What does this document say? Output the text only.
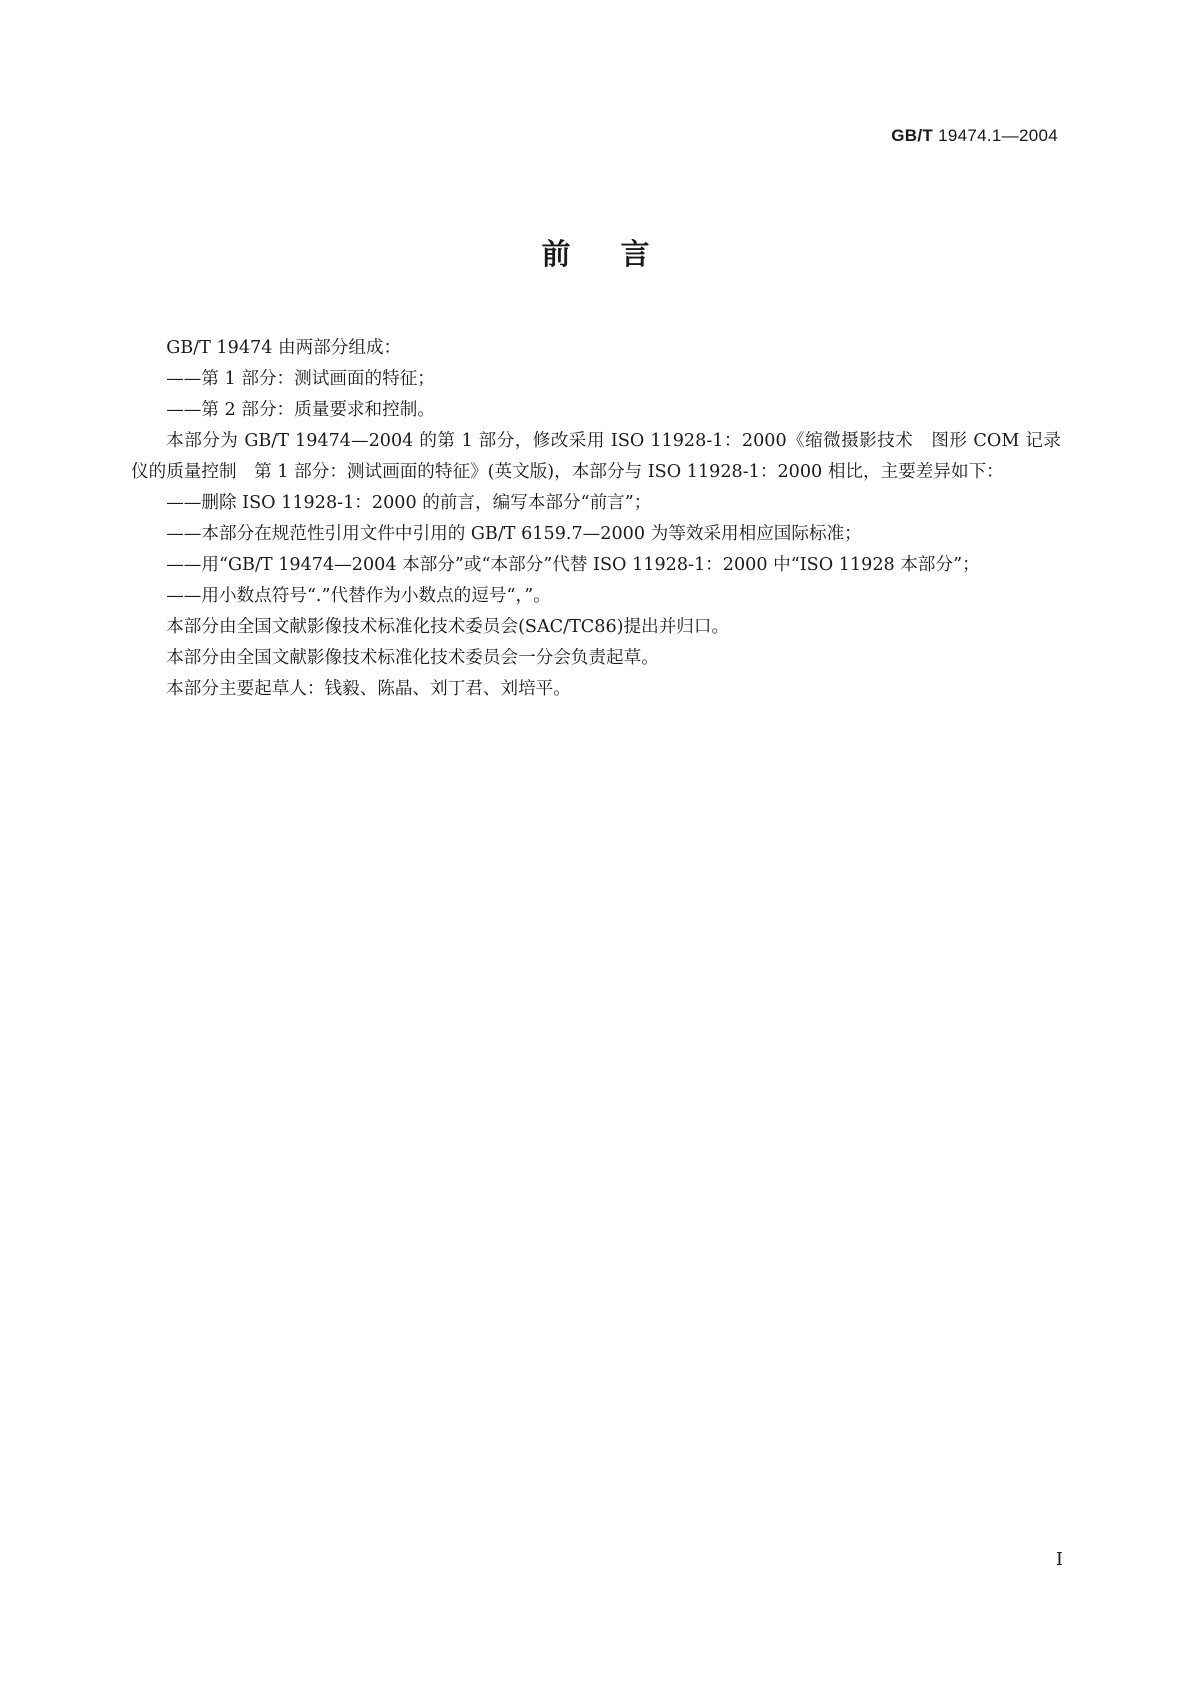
GB/T 19474.1—2004
前言

GB/T 19474 由两部分组成：

——第 1 部分：测试画面的特征；

——第 2 部分：质量要求和控制。

本部分为 GB/T 19474—2004 的第 1 部分，修改采用 ISO 11928-1：2000《缩微摄影技术　图形 COM 记录仪的质量控制　第 1 部分：测试画面的特征》(英文版)，本部分与 ISO 11928-1：2000 相比，主要差异如下：

——删除 ISO 11928-1：2000 的前言，编写本部分“前言”；

——本部分在规范性引用文件中引用的 GB/T 6159.7—2000 为等效采用相应国际标准；

——用“GB/T 19474—2004 本部分”或“本部分”代替 ISO 11928-1：2000 中“ISO 11928 本部分”；

——用小数点符号“.”代替作为小数点的逗号“，”。

本部分由全国文献影像技术标准化技术委员会(SAC/TC86)提出并归口。

本部分由全国文献影像技术标准化技术委员会一分会负责起草。

本部分主要起草人：钱毅、陈晶、刘丁君、刘培平。

I
